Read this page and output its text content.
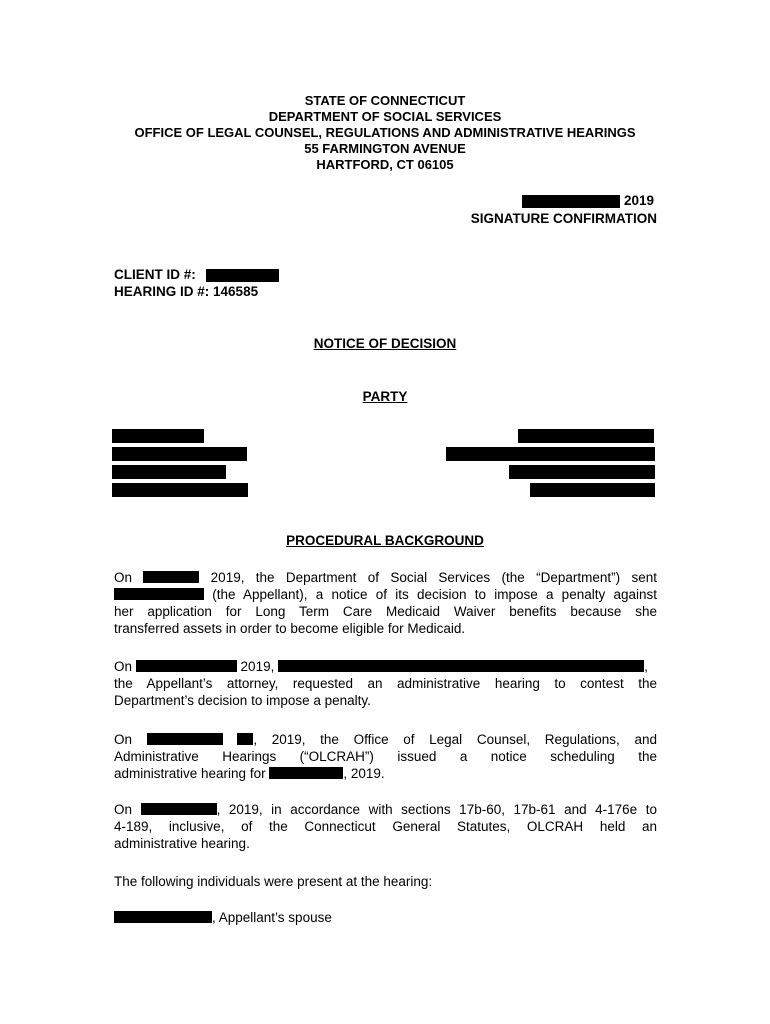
STATE OF CONNECTICUT
DEPARTMENT OF SOCIAL SERVICES
OFFICE OF LEGAL COUNSEL, REGULATIONS AND ADMINISTRATIVE HEARINGS
55 FARMINGTON AVENUE
HARTFORD, CT 06105
2019
SIGNATURE CONFIRMATION
CLIENT ID #:
HEARING ID #: 146585
NOTICE OF DECISION
PARTY
PROCEDURAL BACKGROUND
On	2019, the Department of Social Services (the “Department”) sent
(the Appellant), a notice of its decision to impose a penalty against
her application for Long Term Care Medicaid Waiver benefits because she
transferred assets in order to become eligible for Medicaid.
On	2019,	,
the Appellant’s attorney, requested an administrative hearing to contest the
Department’s decision to impose a penalty.
On	, 2019, the Office of Legal Counsel, Regulations, and
Administrative Hearings (“OLCRAH”) issued a notice scheduling the
administrative hearing for	, 2019.
On	, 2019, in accordance with sections 17b-60, 17b-61 and 4-176e to
4-189, inclusive, of the Connecticut General Statutes, OLCRAH held an
administrative hearing.
The following individuals were present at the hearing:
, Appellant’s spouse
